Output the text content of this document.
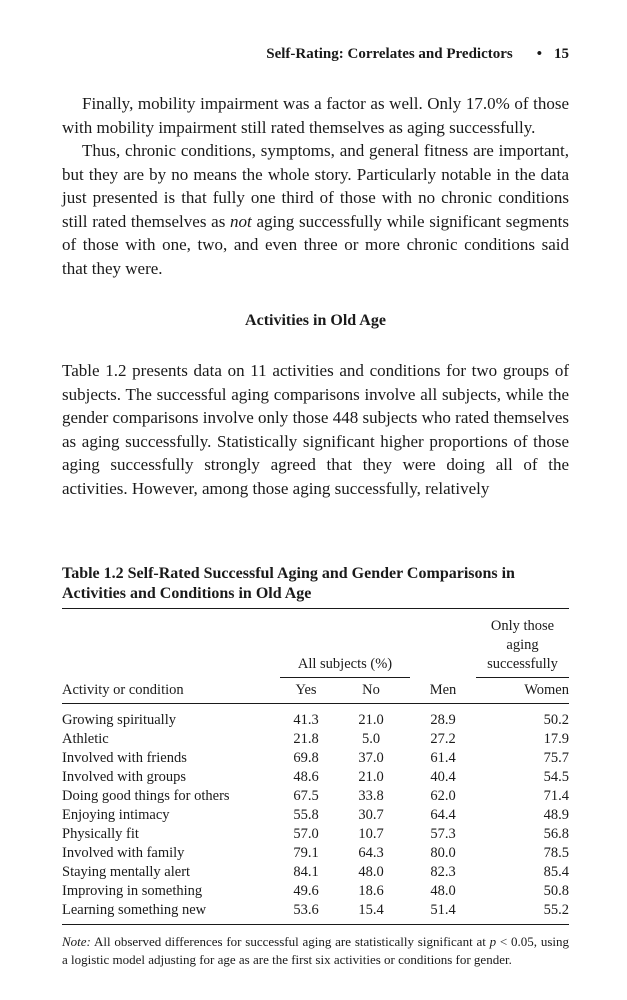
Self-Rating: Correlates and Predictors • 15

Finally, mobility impairment was a factor as well. Only 17.0% of those with mobility impairment still rated themselves as aging successfully.

Thus, chronic conditions, symptoms, and general fitness are important, but they are by no means the whole story. Particularly notable in the data just presented is that fully one third of those with no chronic conditions still rated themselves as not aging successfully while significant segments of those with one, two, and even three or more chronic conditions said that they were.

Activities in Old Age

Table 1.2 presents data on 11 activities and conditions for two groups of subjects. The successful aging comparisons involve all subjects, while the gender comparisons involve only those 448 subjects who rated themselves as aging successfully. Statistically significant higher proportions of those aging successfully strongly agreed that they were doing all of the activities. However, among those aging successfully, relatively

Table 1.2 Self-Rated Successful Aging and Gender Comparisons in Activities and Conditions in Old Age
	All subjects (%)			Only those
aging successfully

Activity or condition	Yes	No	Men	Women
Growing spiritually	41.3	21.0	28.9	50.2
Athletic	21.8	5.0	27.2	17.9
Involved with friends	69.8	37.0	61.4	75.7
Involved with groups	48.6	21.0	40.4	54.5
Doing good things for others	67.5	33.8	62.0	71.4
Enjoying intimacy	55.8	30.7	64.4	48.9
Physically fit	57.0	10.7	57.3	56.8
Involved with family	79.1	64.3	80.0	78.5
Staying mentally alert	84.1	48.0	82.3	85.4
Improving in something	49.6	18.6	48.0	50.8
Learning something new	53.6	15.4	51.4	55.2

Note: All observed differences for successful aging are statistically significant at p < 0.05, using a logistic model adjusting for age as are the first six activities or conditions for gender.
